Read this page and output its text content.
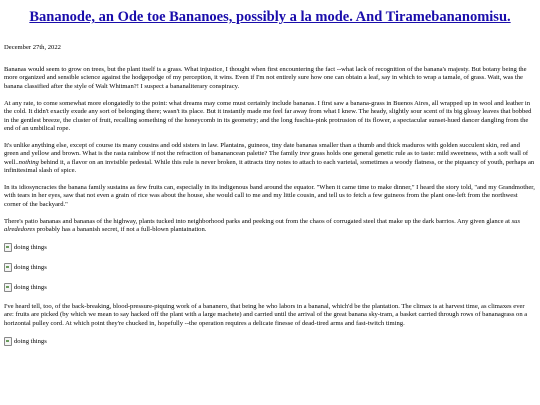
Bananode, an Ode toe Bananoes, possibly a la mode. And Tiramebananomisu.
December 27th, 2022

Bananas would seem to grow on trees, but the plant itself is a grass. What injustice, I thought when first encountering the fact --what lack of recognition of the banana's majesty. But botany being the more organized and sensible science against the hodgepodge of my perception, it wins. Even if I'm not entirely sure how one can obtain a leaf, say in which to wrap a tamale, of grass. Wait, was the banana classified after the style of Walt Whitman?! I suspect a bananaliterary conspiracy.

At any rate, to come somewhat more elongatedly to the point: what dreams may come must certainly include bananas. I first saw a banana-grass in Buenos Aires, all wrapped up in wool and leather in the cold. It didn't exactly exude any sort of belonging there; wasn't its place. But it instantly made me feel far away from what I knew. The heady, slightly sour scent of its big glossy leaves that bobbed in the gentlest breeze, the cluster of fruit, recalling something of the honeycomb in its geometry; and the long fuschia-pink protrusion of its flower, a spectacular sunset-hued dancer dangling from the end of an umbilical rope.

It's unlike anything else, except of course its many cousins and odd sisters in law. Plantains, guineos, tiny date bananas smaller than a thumb and thick maduros with golden succulent skin, red and green and yellow and brown. What is the rasta rainbow if not the refraction of bananancean palette? The family tree grass holds one general genetic rule as to taste: mild sweetness, with a soft wall of well..nothing behind it, a flavor on an invisible pedestal. While this rule is never broken, it attracts tiny notes to attach to each varietal, sometimes a woody flatness, or the piquancy of youth, perhaps an infinitesimal slash of spice.

In its idiosyncracies the banana family sustains as few fruits can, especially in its indigenous band around the equator. "When it came time to make dinner," I heard the story told, "and my Grandmother, with tears in her eyes, saw that not even a grain of rice was about the house, she would call to me and my little cousin, and tell us to fetch a few guineos from the plant one-left from the northwest corner of the backyard."

There's patio bananas and bananas of the highway, plants tucked into neighborhood parks and peeking out from the chaos of corrugated steel that make up the dark barrios. Any given glance at sus alrededores probably has a bananish secret, if not a full-blown plantaination.

doing things
doing things
doing things

I've heard tell, too, of the back-breaking, blood-pressure-piquing work of a bananero, that being he who labors in a bananal, which'd be the plantation. The climax is at harvest time, as climaxes ever are: fruits are picked (by which we mean to say hacked off the plant with a large machete) and carried until the arrival of the great banana sky-tram, a basket carried through rows of bananagrass on a horizontal pulley cord. At which point they're chucked in, hopefully --the operation requires a delicate finesse of dead-tired arms and fast-twitch timing.

doing things
